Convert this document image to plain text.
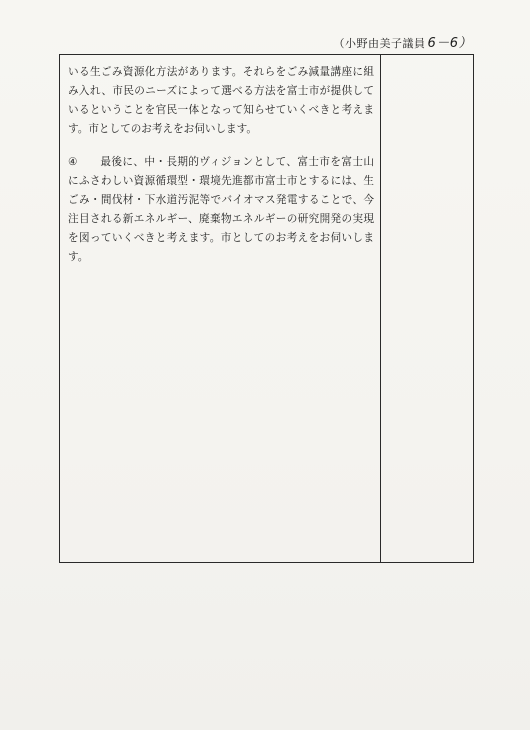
（小野由美子議員 6－6）

いる生ごみ資源化方法があります。それらをごみ減量講座に組み入れ、市民のニーズによって選べる方法を富士市が提供しているということを官民一体となって知らせていくべきと考えます。市としてのお考えをお伺いします。

④ 最後に、中・長期的ヴィジョンとして、富士市を富士山にふさわしい資源循環型・環境先進都市富士市とするには、生ごみ・間伐材・下水道汚泥等でバイオマス発電することで、今注目される新エネルギー、廃棄物エネルギーの研究開発の実現を図っていくべきと考えます。市としてのお考えをお伺いします。
